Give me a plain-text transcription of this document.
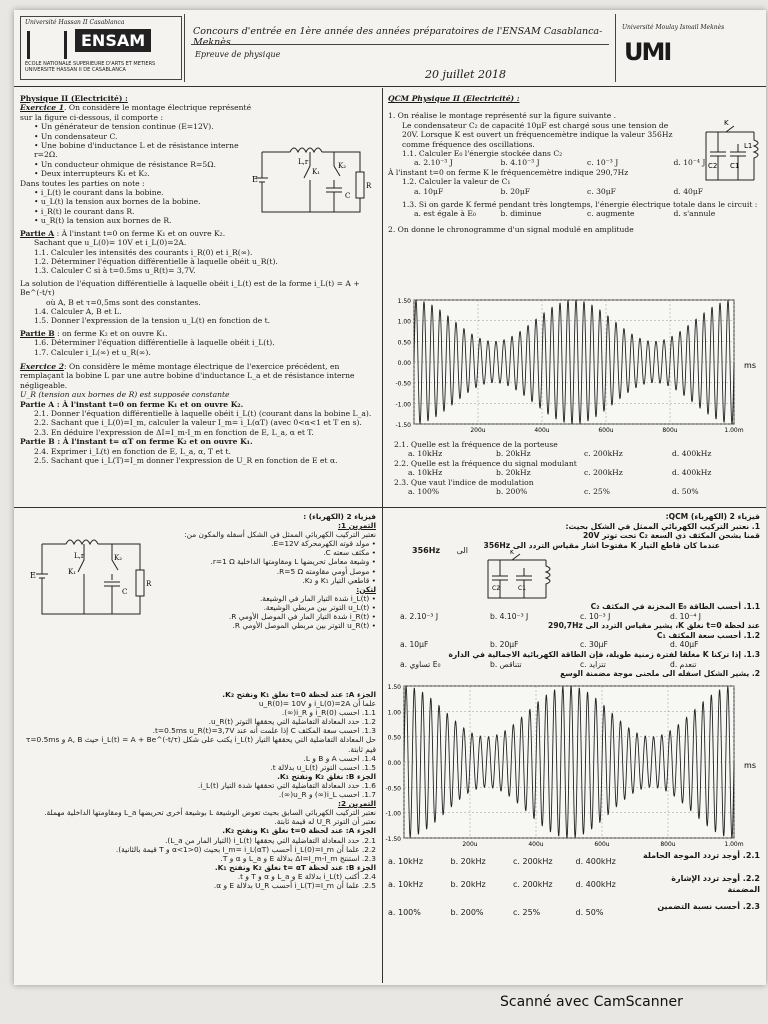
Université Hassan II Casablanca
ENSAM
ECOLE NATIONALE SUPERIEURE D'ARTS ET METIERS
UNIVERSITE HASSAN II DE CASABLANCA
Concours d'entrée en 1ère année des années préparatoires de l'ENSAM Casablanca-Meknès
Epreuve de physique
20 juillet 2018
Université Moulay Ismail Meknès
UMI

Physique II (Electricité) :

Exercice 1. On considère le montage électrique représenté sur la figure ci-dessous, il comporte :

• Un générateur de tension continue (E=12V).

• Un condensateur C.

• Une bobine d'inductance L et de résistance interne r=2Ω.

• Un conducteur ohmique de résistance R=5Ω.

• Deux interrupteurs K₁ et K₂.

Dans toutes les parties on note :

• i_L(t) le courant dans la bobine.

• u_L(t) la tension aux bornes de la bobine.

• i_R(t) le courant dans R.

• u_R(t) la tension aux bornes de R.

Partie A : À l'instant t=0 on ferme K₁ et on ouvre K₂.

Sachant que u_L(0)= 10V et i_L(0)=2A.

1.1. Calculer les intensités des courants i_R(0) et i_R(∞).

1.2. Déterminer l'équation différentielle à laquelle obéit u_R(t).

1.3. Calculer C si à t=0.5ms u_R(t)= 3,7V.

La solution de l'équation différentielle à laquelle obéit i_L(t) est de la forme i_L(t) = A + Be^(-t/τ)

où A, B et τ=0,5ms sont des constantes.

1.4. Calculer A, B et L.

1.5. Donner l'expression de la tension u_L(t) en fonction de t.

Partie B : on ferme K₂ et on ouvre K₁.

1.6. Déterminer l'équation différentielle à laquelle obéit i_L(t).

1.7. Calculer i_L(∞) et u_R(∞).

Exercice 2: On considère le même montage électrique de l'exercice précédent, en remplaçant la bobine L par une autre bobine d'inductance L_a et de résistance interne négligeable.

U_R (tension aux bornes de R) est supposée constante

Partie A : À l'instant t=0 on ferme K₁ et on ouvre K₂.

2.1. Donner l'équation différentielle à laquelle obéit i_L(t) (courant dans la bobine L_a).

2.2. Sachant que i_L(0)=I_m, calculer la valeur I_m= i_L(αT) (avec 0<α<1 et T en s).

2.3. En déduire l'expression de ΔI=I_m-I_m en fonction de E, L_a, α et T.

Partie B : À l'instant t= αT on ferme K₂ et on ouvre K₁.

2.4. Exprimer i_L(t) en fonction de E, L_a, α, T et t.

2.5. Sachant que i_L(T)=I_m donner l'expression de U_R en fonction de E et α.

E
L,r
K₁
K₂
C
R

QCM Physique II (Electricité) :

1. On réalise le montage représenté sur la figure suivante .

Le condensateur C₂ de capacité 10μF est chargé sous une tension de 20V. Lorsque K est ouvert un fréquencemètre indique la valeur 356Hz comme fréquence des oscillations.

1.1. Calculer E₀ l'énergie stockée dans C₂

a. 2.10⁻³ J	b. 4.10⁻³ J	c. 10⁻³ J	d. 10⁻⁴ J

À l'instant t=0 on ferme K le fréquencemètre indique 290,7Hz

1.2. Calculer la valeur de C₁

a. 10μF	b. 20μF	c. 30μF	d. 40μF

1.3. Si on garde K fermé pendant très longtemps, l'énergie électrique totale dans le circuit :

a. est égale à E₀	b. diminue	c. augmente	d. s'annule

2. On donne le chronogramme d'un signal modulé en amplitude

K
L1
C2 C1
1.50
1.00
0.50
0.00
-0.50
-1.00
-1.50
200u	400u	600u	800u	1.00m
ms

2.1. Quelle est la fréquence de la porteuse

a. 10kHz	b. 20kHz	c. 200kHz	d. 400kHz

2.2. Quelle est la fréquence du signal modulant

a. 10kHz	b. 20kHz	c. 200kHz	d. 400kHz

2.3. Que vaut l'indice de modulation

a. 100%	b. 200%	c. 25%	d. 50%

فيزياء 2 (الكهرباء) :

التمرين 1:

نعتبر التركيب الكهربائي الممثل في الشكل أسفله والمكون من:

• مولد قوته الكهرمحركة E=12V.

• مكثف سعته C.

• وشيعة معامل تحريضها L ومقاومتها الداخلية r=1 Ω.

• موصل أومي مقاومته R=5 Ω.

• قاطعي التيار K₁ و K₂.

لتكن:

• i_L(t) شدة التيار المار في الوشيعة.

• u_L(t) التوتر بين مربطي الوشيعة.

• i_R(t) شدة التيار المار في الموصل الأومي R.

• u_R(t) التوتر بين مربطي الموصل الأومي R.

الجزء A: عند لحظة t=0 نغلق K₁ ونفتح K₂.

علما أن i_L(0)=2A و u_R(0)= 10V

1.1. احسب i_R(0) و i_R(∞).

1.2. حدد المعادلة التفاضلية التي يحققها التوتر u_R(t).

1.3. احسب سعة المكثف C إذا علمت أنه عند t=0.5ms u_R(t)=3,7V.

حل المعادلة التفاضلية التي يحققها التيار i_L(t) يكتب على شكل i_L(t) = A + Be^(-t/τ) حيث A, B و τ=0.5ms قيم ثابتة.

1.4. احسب A و B و L.

1.5. احسب التوتر u_L(t) بدلالة t.

الجزء B: نغلق K₂ ونفتح K₁.

1.6. حدد المعادلة التفاضلية التي تحققها شدة التيار i_L(t).

1.7. احسب i_L(∞) و u_R(∞).

التمرين 2:

نعتبر التركيب الكهربائي السابق بحيث تعوض الوشيعة L بوشيعة أخرى تحريضها L_a ومقاومتها الداخلية مهملة.

نعتبر أن التوتر U_R له قيمة ثابتة.

الجزء A: عند لحظة t=0 نغلق K₁ ونفتح K₂.

2.1. حدد المعادلة التفاضلية التي يحققها i_L(t) (التيار المار من L_a).

2.2. علما أن i_L(0)=I_m أحسب I_m= i_L(αT) بحيث (0<α<1 و T قيمة بالثانية).

2.3. استنتج ΔI=I_m-I_m بدلالة E و L_a و α و T.

الجزء B: عند لحظة t= αT نغلق K₂ ونفتح K₁.

2.4. أكتب i_L(t) بدلالة E و L_a و α و T و t.

2.5. علما أن i_L(T)=I_m أحسب U_R بدلالة E و α.

E
L,r
K₁
K₂
C
R

فيزياء 2 (الكهرباء) QCM:

1. نعتبر التركيب الكهربائي الممثل في الشكل بحيث:

قمنا بشحن المكثف ذي السعة C₂ تحت توتر 20V

عندما كان قاطع التيار K مفتوحا اشار مقياس التردد الى 356Hz

356Hz الى	K
C2	C1

1.1. أحسب الطاقة E₀ المخزنة في المكثف C₂

a. 2.10⁻³ J	b. 4.10⁻³ J	c. 10⁻³ J	d. 10⁻⁴ J

عند لحظة t=0 نغلق K، يشير مقياس التردد الى 290,7Hz

1.2. أحسب سعة المكثف C₁

a. 10μF	b. 20μF	c. 30μF	d. 40μF

1.3. إذا تركنا K مغلقا لفترة زمنية طويلة، فإن الطاقة الكهربائية الاجمالية في الدارة

a. تساوي E₀	b. تتناقص	c. تتزايد	d. تنعدم

2. يشير الشكل اسفله الى ملحنى موجة مضمنة الوسع

1.50
1.00
0.50
0.00
-0.50
-1.00
-1.50
200u	400u	600u	800u	1.00m
ms
a. 10kHz	b. 20kHz	c. 200kHz	d. 400kHz
2.1. أوجد تردد الموجة الحاملة
a. 10kHz	b. 20kHz	c. 200kHz	d. 400kHz
2.2. أوجد تردد الإشارة المضمنة
a. 100%	b. 200%	c. 25%	d. 50%
2.3. أحسب نسبة التضمين
Scanné avec CamScanner
